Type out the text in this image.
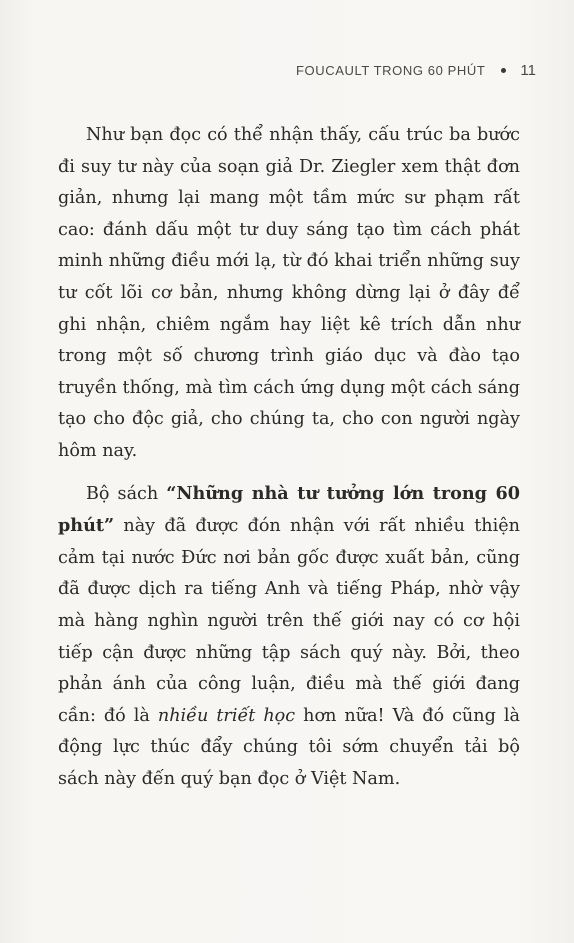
FOUCAULT TRONG 60 PHÚT 11

Như bạn đọc có thể nhận thấy, cấu trúc ba bước đi suy tư này của soạn giả Dr. Ziegler xem thật đơn giản, nhưng lại mang một tầm mức sư phạm rất cao: đánh dấu một tư duy sáng tạo tìm cách phát minh những điều mới lạ, từ đó khai triển những suy tư cốt lõi cơ bản, nhưng không dừng lại ở đây để ghi nhận, chiêm ngắm hay liệt kê trích dẫn như trong một số chương trình giáo dục và đào tạo truyền thống, mà tìm cách ứng dụng một cách sáng tạo cho độc giả, cho chúng ta, cho con người ngày hôm nay.

Bộ sách “Những nhà tư tưởng lớn trong 60 phút” này đã được đón nhận với rất nhiều thiện cảm tại nước Đức nơi bản gốc được xuất bản, cũng đã được dịch ra tiếng Anh và tiếng Pháp, nhờ vậy mà hàng nghìn người trên thế giới nay có cơ hội tiếp cận được những tập sách quý này. Bởi, theo phản ánh của công luận, điều mà thế giới đang cần: đó là nhiều triết học hơn nữa! Và đó cũng là động lực thúc đẩy chúng tôi sớm chuyển tải bộ sách này đến quý bạn đọc ở Việt Nam.
